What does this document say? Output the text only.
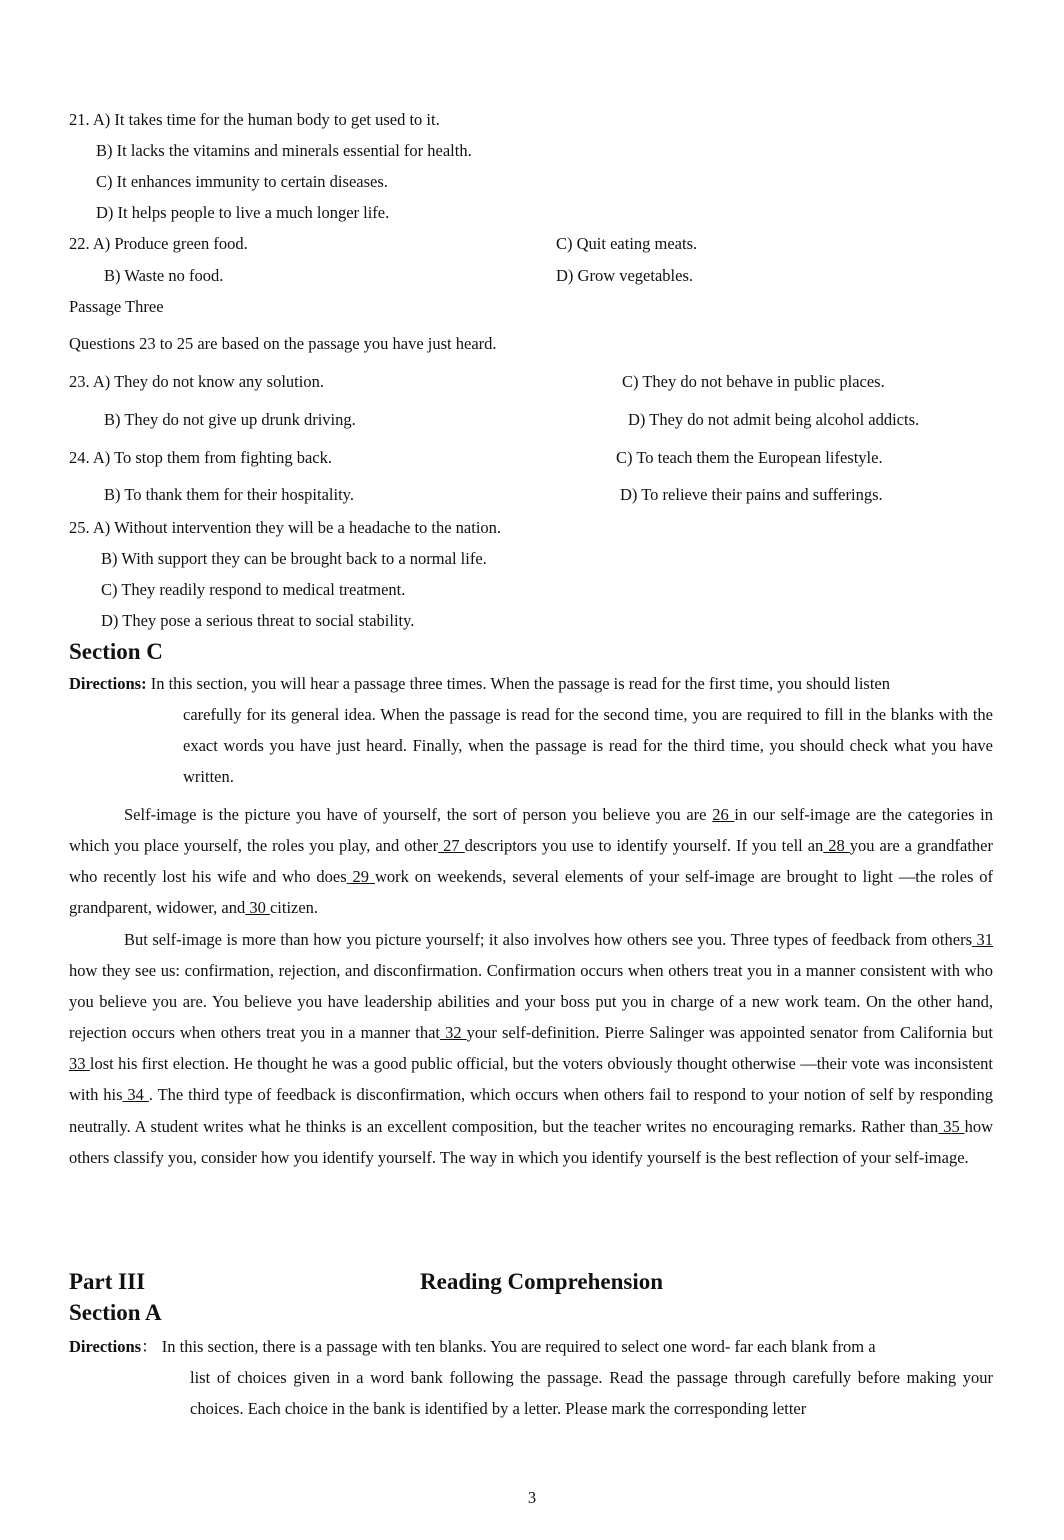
21. A) It takes time for the human body to get used to it.
B) It lacks the vitamins and minerals essential for health.
C) It enhances immunity to certain diseases.
D) It helps people to live a much longer life.
22. A) Produce green food.	C) Quit eating meats.
B) Waste no food.	D) Grow vegetables.
Passage Three
Questions 23 to 25 are based on the passage you have just heard.
23. A) They do not know any solution.	C) They do not behave in public places.
B) They do not give up drunk driving.	D) They do not admit being alcohol addicts.
24. A) To stop them from fighting back.	C) To teach them the European lifestyle.
B) To thank them for their hospitality.	D) To relieve their pains and sufferings.
25. A) Without intervention they will be a headache to the nation.
B) With support they can be brought back to a normal life.
C) They readily respond to medical treatment.
D) They pose a serious threat to social stability.
Section C
Directions: In this section, you will hear a passage three times. When the passage is read for the first time, you should listen
carefully for its general idea. When the passage is read for the second time, you are required to fill in the blanks with the exact words you have just heard. Finally, when the passage is read for the third time, you should check what you have written.
Self-image is the picture you have of yourself, the sort of person you believe you are 26 in our self-image are the categories in which you place yourself, the roles you play, and other 27 descriptors you use to identify yourself. If you tell an 28 you are a grandfather who recently lost his wife and who does 29 work on weekends, several elements of your self-image are brought to light —the roles of grandparent, widower, and 30 citizen.
But self-image is more than how you picture yourself; it also involves how others see you. Three types of feedback from others 31 how they see us: confirmation, rejection, and disconfirmation. Confirmation occurs when others treat you in a manner consistent with who you believe you are. You believe you have leadership abilities and your boss put you in charge of a new work team. On the other hand, rejection occurs when others treat you in a manner that 32 your self-definition. Pierre Salinger was appointed senator from California but 33 lost his first election. He thought he was a good public official, but the voters obviously thought otherwise —their vote was inconsistent with his 34 . The third type of feedback is disconfirmation, which occurs when others fail to respond to your notion of self by responding neutrally. A student writes what he thinks is an excellent composition, but the teacher writes no encouraging remarks. Rather than 35 how others classify you, consider how you identify yourself. The way in which you identify yourself is the best reflection of your self-image.
Part III	Reading Comprehension
Section A
Directions： In this section, there is a passage with ten blanks. You are required to select one word- far each blank from a
list of choices given in a word bank following the passage. Read the passage through carefully before making your choices. Each choice in the bank is identified by a letter. Please mark the corresponding letter
3
